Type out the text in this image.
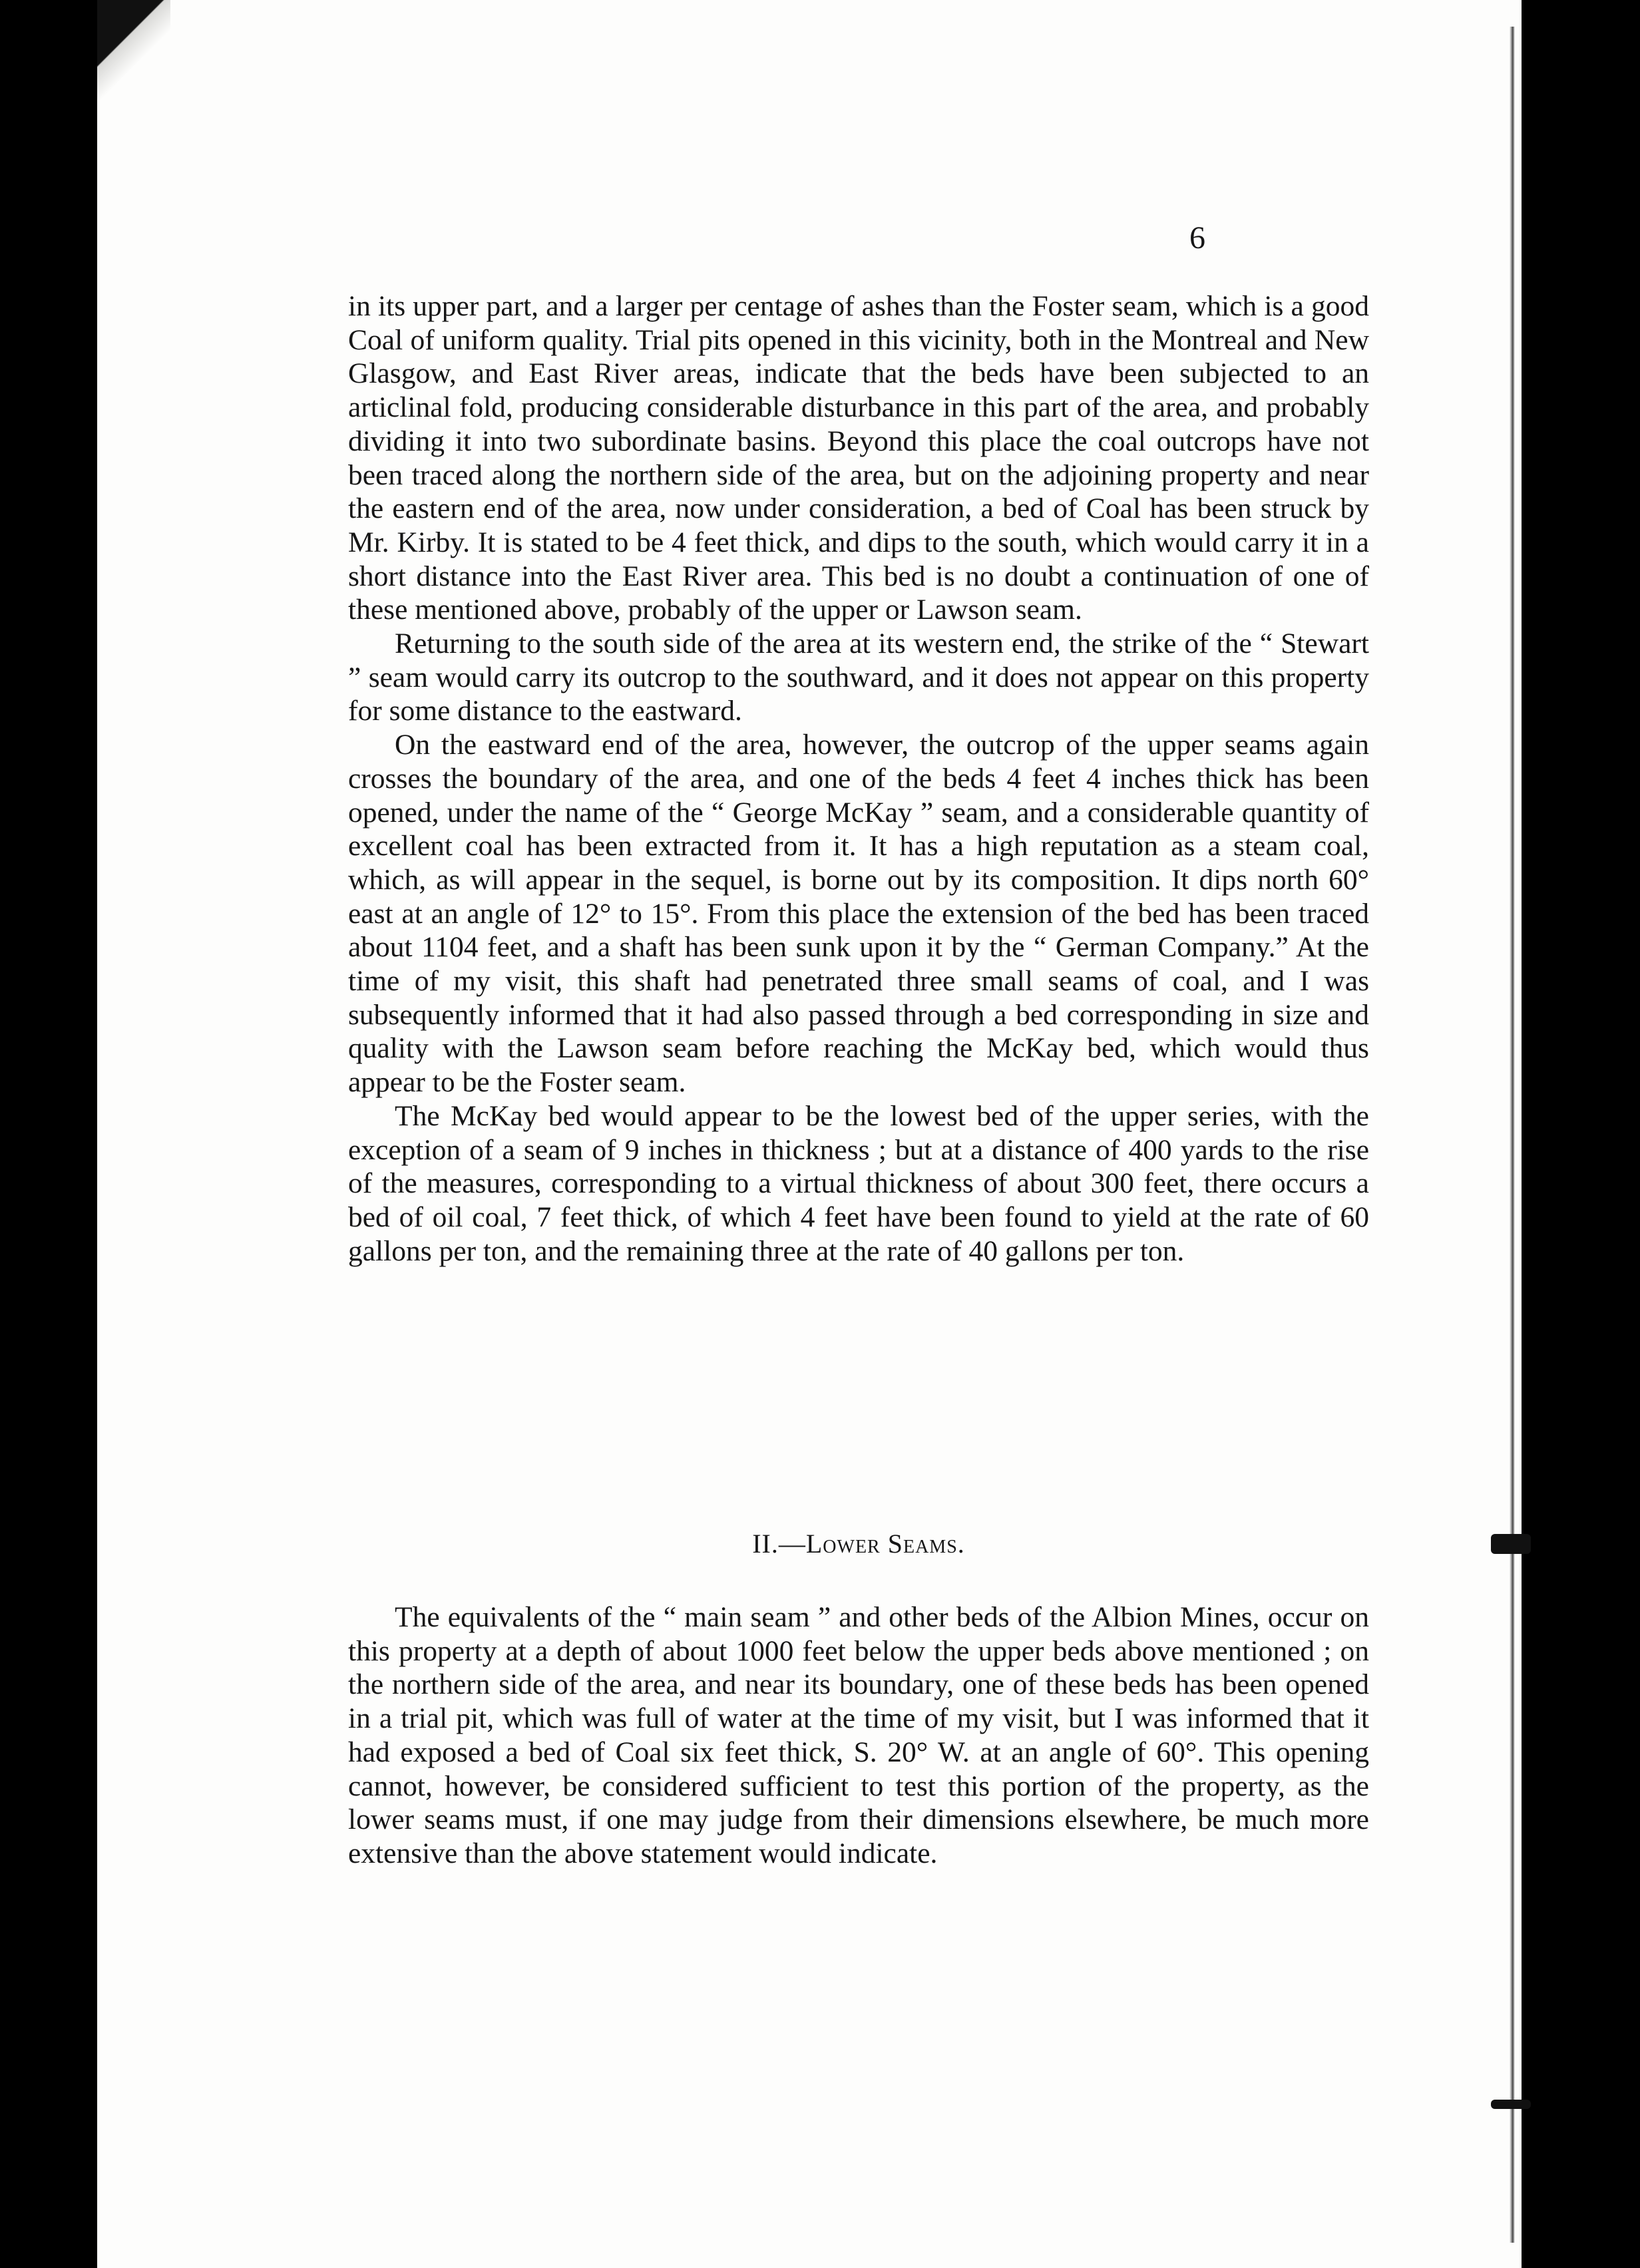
6

in its upper part, and a larger per centage of ashes than the Foster seam, which is a good Coal of uniform quality. Trial pits opened in this vicinity, both in the Montreal and New Glasgow, and East River areas, indicate that the beds have been subjected to an articlinal fold, producing considerable disturbance in this part of the area, and probably dividing it into two subordinate basins. Beyond this place the coal outcrops have not been traced along the northern side of the area, but on the adjoining property and near the eastern end of the area, now under consideration, a bed of Coal has been struck by Mr. Kirby. It is stated to be 4 feet thick, and dips to the south, which would carry it in a short distance into the East River area. This bed is no doubt a continuation of one of these mentioned above, probably of the upper or Lawson seam.

Returning to the south side of the area at its western end, the strike of the “ Stewart ” seam would carry its outcrop to the southward, and it does not appear on this property for some distance to the eastward.

On the eastward end of the area, however, the outcrop of the upper seams again crosses the boundary of the area, and one of the beds 4 feet 4 inches thick has been opened, under the name of the “ George McKay ” seam, and a considerable quantity of excellent coal has been extracted from it. It has a high reputation as a steam coal, which, as will appear in the sequel, is borne out by its composition. It dips north 60° east at an angle of 12° to 15°. From this place the extension of the bed has been traced about 1104 feet, and a shaft has been sunk upon it by the “ German Company.” At the time of my visit, this shaft had penetrated three small seams of coal, and I was subsequently informed that it had also passed through a bed corresponding in size and quality with the Lawson seam before reaching the McKay bed, which would thus appear to be the Foster seam.

The McKay bed would appear to be the lowest bed of the upper series, with the exception of a seam of 9 inches in thickness ; but at a distance of 400 yards to the rise of the measures, corresponding to a virtual thickness of about 300 feet, there occurs a bed of oil coal, 7 feet thick, of which 4 feet have been found to yield at the rate of 60 gallons per ton, and the remaining three at the rate of 40 gallons per ton.

II.—Lower Seams.

The equivalents of the “ main seam ” and other beds of the Albion Mines, occur on this property at a depth of about 1000 feet below the upper beds above mentioned ; on the northern side of the area, and near its boundary, one of these beds has been opened in a trial pit, which was full of water at the time of my visit, but I was informed that it had exposed a bed of Coal six feet thick, S. 20° W. at an angle of 60°. This opening cannot, however, be considered sufficient to test this portion of the property, as the lower seams must, if one may judge from their dimensions elsewhere, be much more extensive than the above statement would indicate.
